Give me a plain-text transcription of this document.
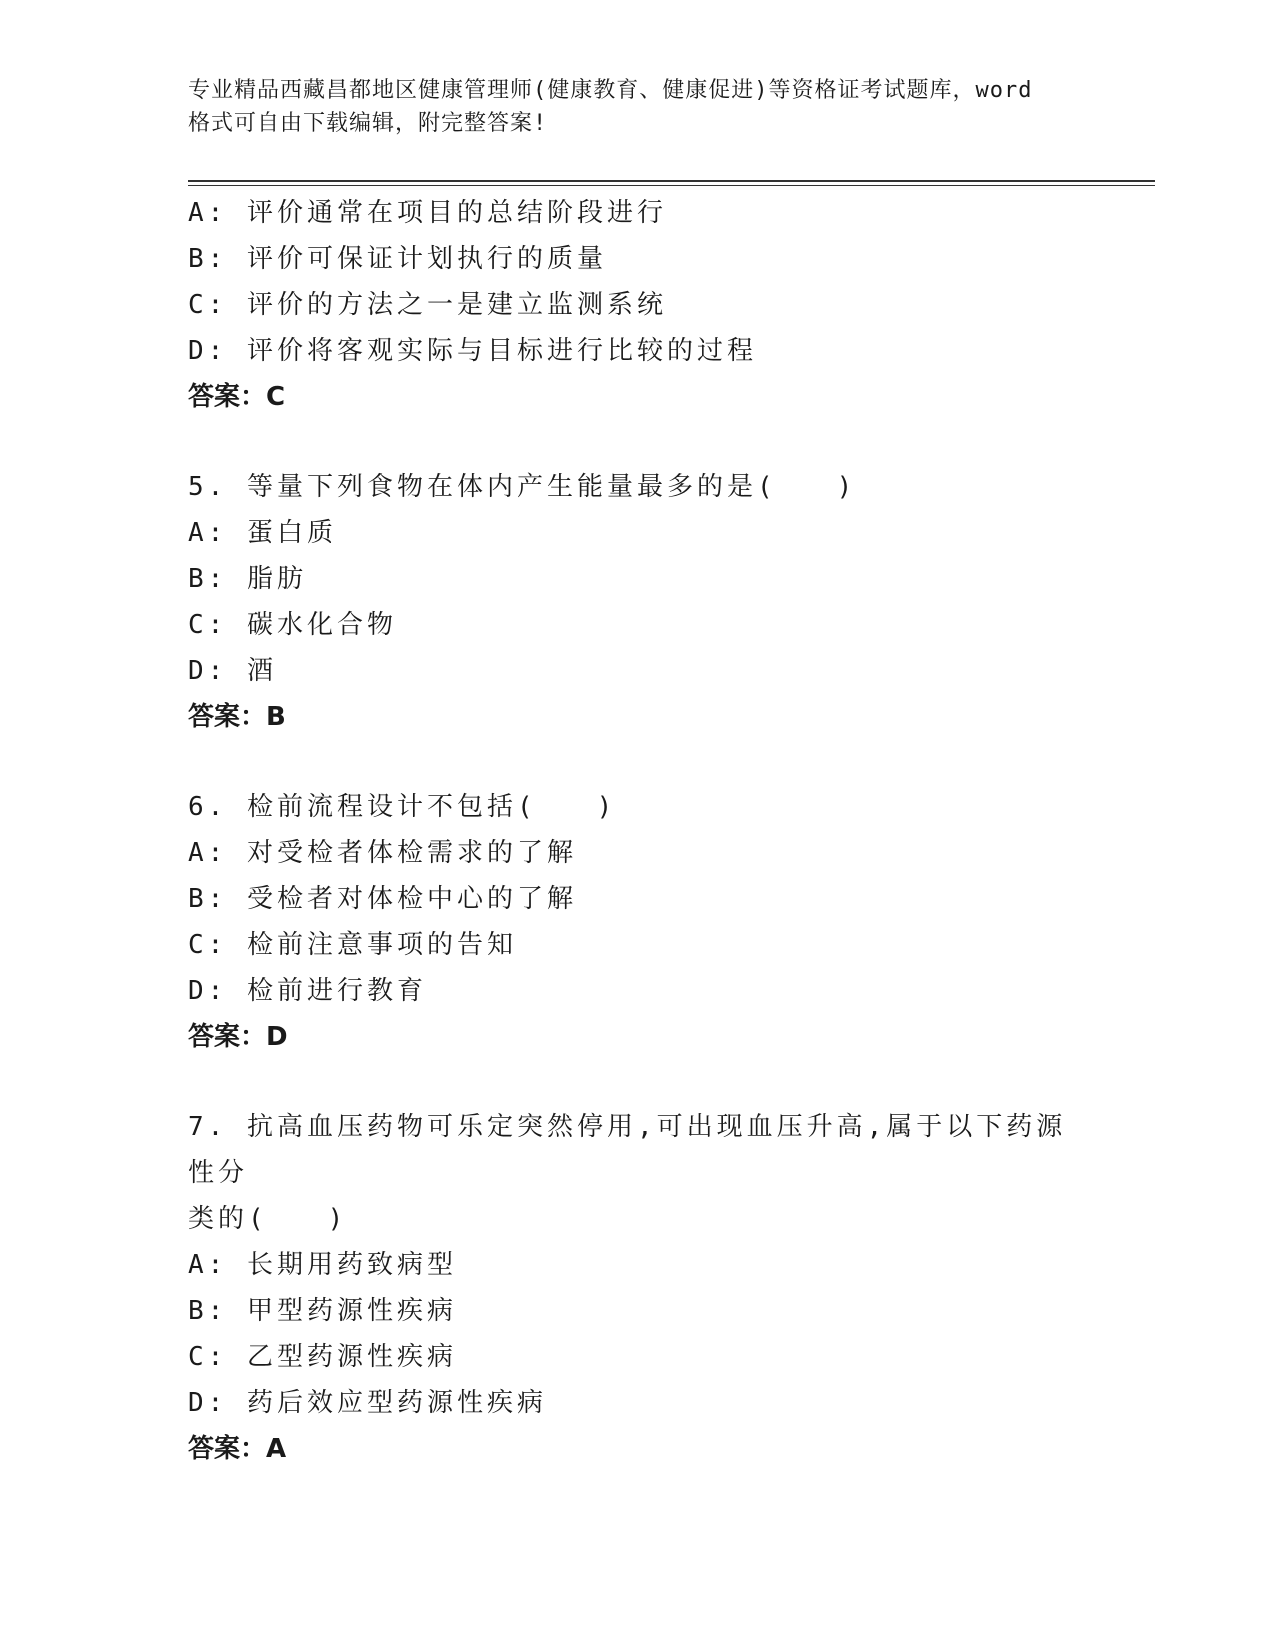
专业精品西藏昌都地区健康管理师(健康教育、健康促进)等资格证考试题库，word
格式可自由下载编辑，附完整答案!
A: 评价通常在项目的总结阶段进行
B: 评价可保证计划执行的质量
C: 评价的方法之一是建立监测系统
D: 评价将客观实际与目标进行比较的过程
答案：C
5. 等量下列食物在体内产生能量最多的是(　　)
A: 蛋白质
B: 脂肪
C: 碳水化合物
D: 酒
答案：B
6. 检前流程设计不包括(　　)
A: 对受检者体检需求的了解
B: 受检者对体检中心的了解
C: 检前注意事项的告知
D: 检前进行教育
答案：D
7. 抗高血压药物可乐定突然停用,可出现血压升高,属于以下药源性分
类的(　　)
A: 长期用药致病型
B: 甲型药源性疾病
C: 乙型药源性疾病
D: 药后效应型药源性疾病
答案：A
